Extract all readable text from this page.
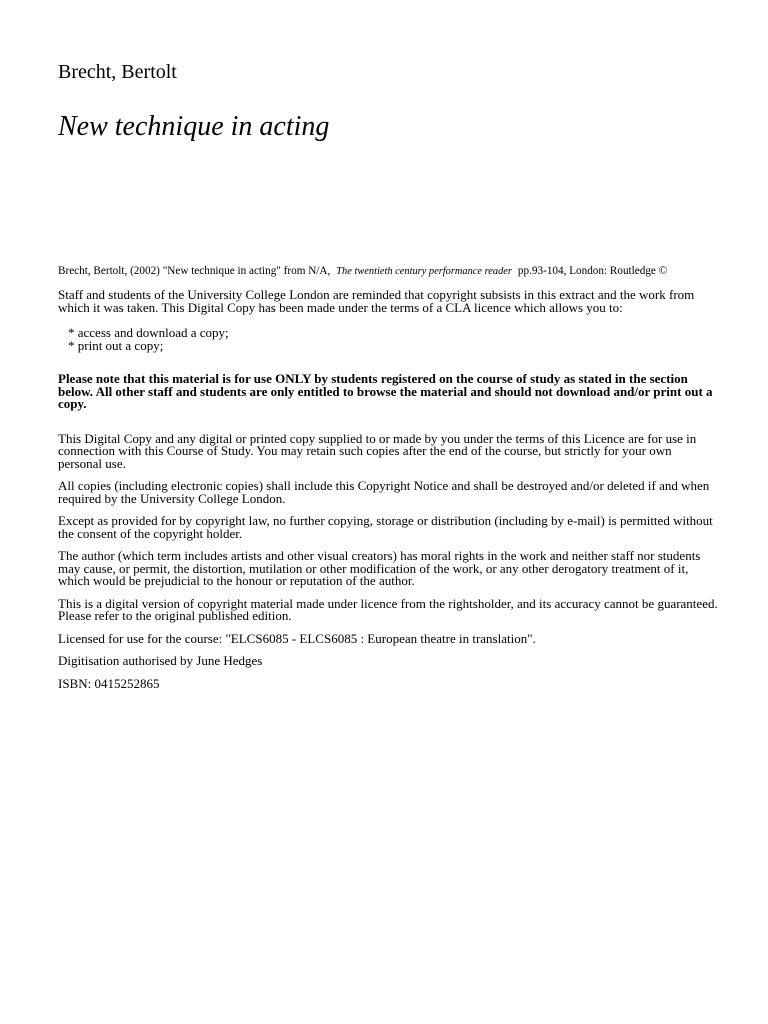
Brecht, Bertolt
New technique in acting
Brecht, Bertolt, (2002) "New technique in acting" from N/A, The twentieth century performance reader pp.93-104, London: Routledge ©

Staff and students of the University College London are reminded that copyright subsists in this extract and the work from which it was taken. This Digital Copy has been made under the terms of a CLA licence which allows you to:

* access and download a copy;
* print out a copy;

Please note that this material is for use ONLY by students registered on the course of study as stated in the section below. All other staff and students are only entitled to browse the material and should not download and/or print out a copy.

This Digital Copy and any digital or printed copy supplied to or made by you under the terms of this Licence are for use in connection with this Course of Study. You may retain such copies after the end of the course, but strictly for your own personal use.

All copies (including electronic copies) shall include this Copyright Notice and shall be destroyed and/or deleted if and when required by the University College London.

Except as provided for by copyright law, no further copying, storage or distribution (including by e-mail) is permitted without the consent of the copyright holder.

The author (which term includes artists and other visual creators) has moral rights in the work and neither staff nor students may cause, or permit, the distortion, mutilation or other modification of the work, or any other derogatory treatment of it, which would be prejudicial to the honour or reputation of the author.

This is a digital version of copyright material made under licence from the rightsholder, and its accuracy cannot be guaranteed. Please refer to the original published edition.

Licensed for use for the course: "ELCS6085 - ELCS6085 : European theatre in translation".

Digitisation authorised by June Hedges

ISBN: 0415252865
